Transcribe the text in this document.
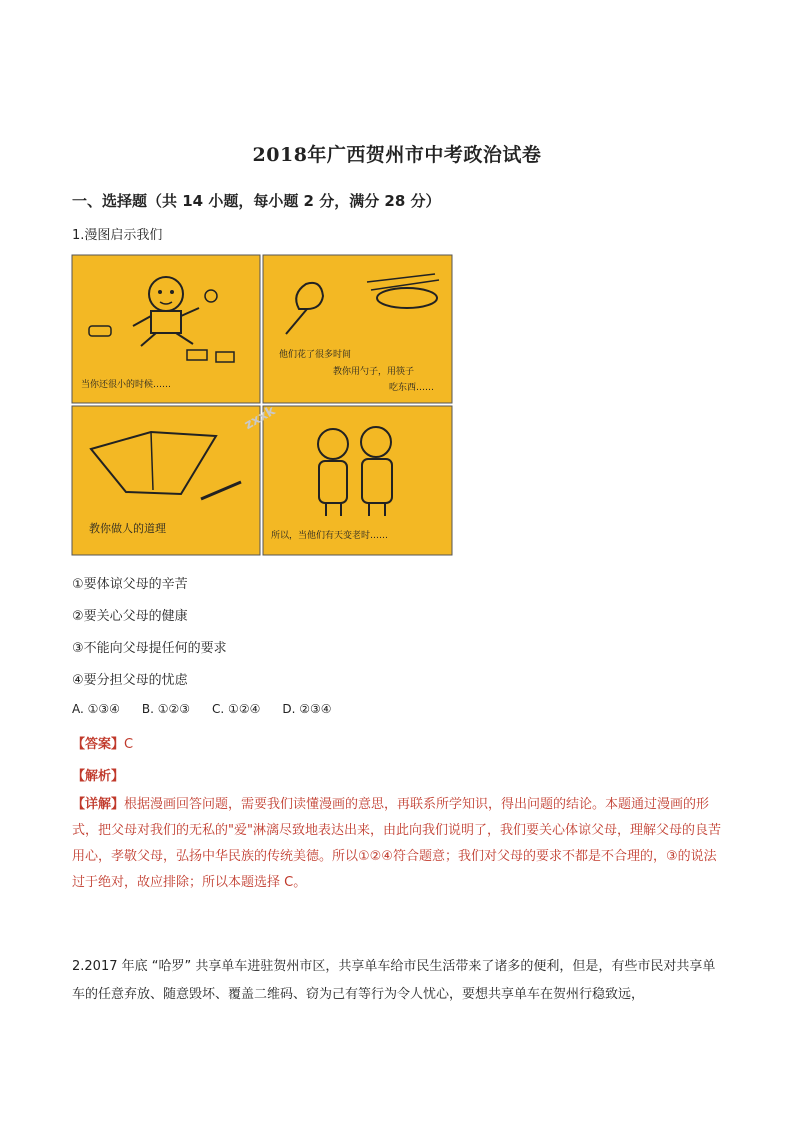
2018年广西贺州市中考政治试卷
一、选择题（共 14 小题，每小题 2 分，满分 28 分）
1.漫图启示我们
当你还很小的时候……
他们花了很多时间
教你用勺子，用筷子
吃东西……
教你做人的道理
所以，当他们有天变老时……
zxxk
①要体谅父母的辛苦
②要关心父母的健康
③不能向父母提任何的要求
④要分担父母的忧虑
A. ①③④ B. ①②③ C. ①②④ D. ②③④
【答案】C
【解析】
【详解】根据漫画回答问题，需要我们读懂漫画的意思，再联系所学知识，得出问题的结论。本题通过漫画的形式，把父母对我们的无私的"爱"淋漓尽致地表达出来，由此向我们说明了，我们要关心体谅父母，理解父母的良苦用心，孝敬父母，弘扬中华民族的传统美德。所以①②④符合题意；我们对父母的要求不都是不合理的，③的说法过于绝对，故应排除；所以本题选择 C。
2.2017 年底 “哈罗” 共享单车进驻贺州市区，共享单车给市民生活带来了诸多的便利，但是，有些市民对共享单车的任意弃放、随意毁坏、覆盖二维码、窃为己有等行为令人忧心，要想共享单车在贺州行稳致远，
